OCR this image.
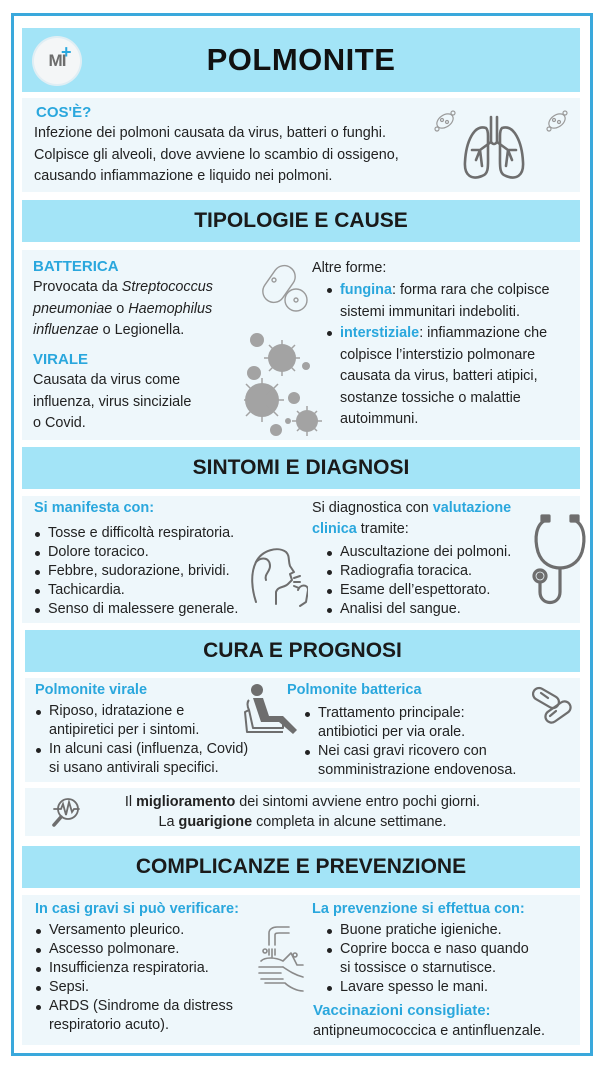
POLMONITE
MI
+
COS'È?
Infezione dei polmoni causata da virus, batteri o funghi.
Colpisce gli alveoli, dove avviene lo scambio di ossigeno,
causando infiammazione e liquido nei polmoni.
TIPOLOGIE E CAUSE
BATTERICA
Provocata da Streptococcus
pneumoniae o Haemophilus
influenzae o Legionella.
VIRALE
Causata da virus come
influenza, virus sinciziale
o Covid.
Altre forme:
fungina: forma rara che colpisce
sistemi immunitari indeboliti.
interstiziale: infiammazione che
colpisce l’interstizio polmonare
causata da virus, batteri atipici,
sostanze tossiche o malattie
autoimmuni.
SINTOMI E DIAGNOSI
Si manifesta con:
Tosse e difficoltà respiratoria.
Dolore toracico.
Febbre, sudorazione, brividi.
Tachicardia.
Senso di malessere generale.
Si diagnostica con valutazione
clinica tramite:
Auscultazione dei polmoni.
Radiografia toracica.
Esame dell’espettorato.
Analisi del sangue.
CURA E PROGNOSI
Polmonite virale
Riposo, idratazione e
antipiretici per i sintomi.
In alcuni casi (influenza, Covid)
si usano antivirali specifici.
Polmonite batterica
Trattamento principale:
antibiotici per via orale.
Nei casi gravi ricovero con
somministrazione endovenosa.
Il miglioramento dei sintomi avviene entro pochi giorni.
La guarigione completa in alcune settimane.
COMPLICANZE E PREVENZIONE
In casi gravi si può verificare:
Versamento pleurico.
Ascesso polmonare.
Insufficienza respiratoria.
Sepsi.
ARDS (Sindrome da distress
respiratorio acuto).
La prevenzione si effettua con:
Buone pratiche igieniche.
Coprire bocca e naso quando
si tossisce o starnutisce.
Lavare spesso le mani.
Vaccinazioni consigliate:
antipneumococcica e antinfluenzale.
